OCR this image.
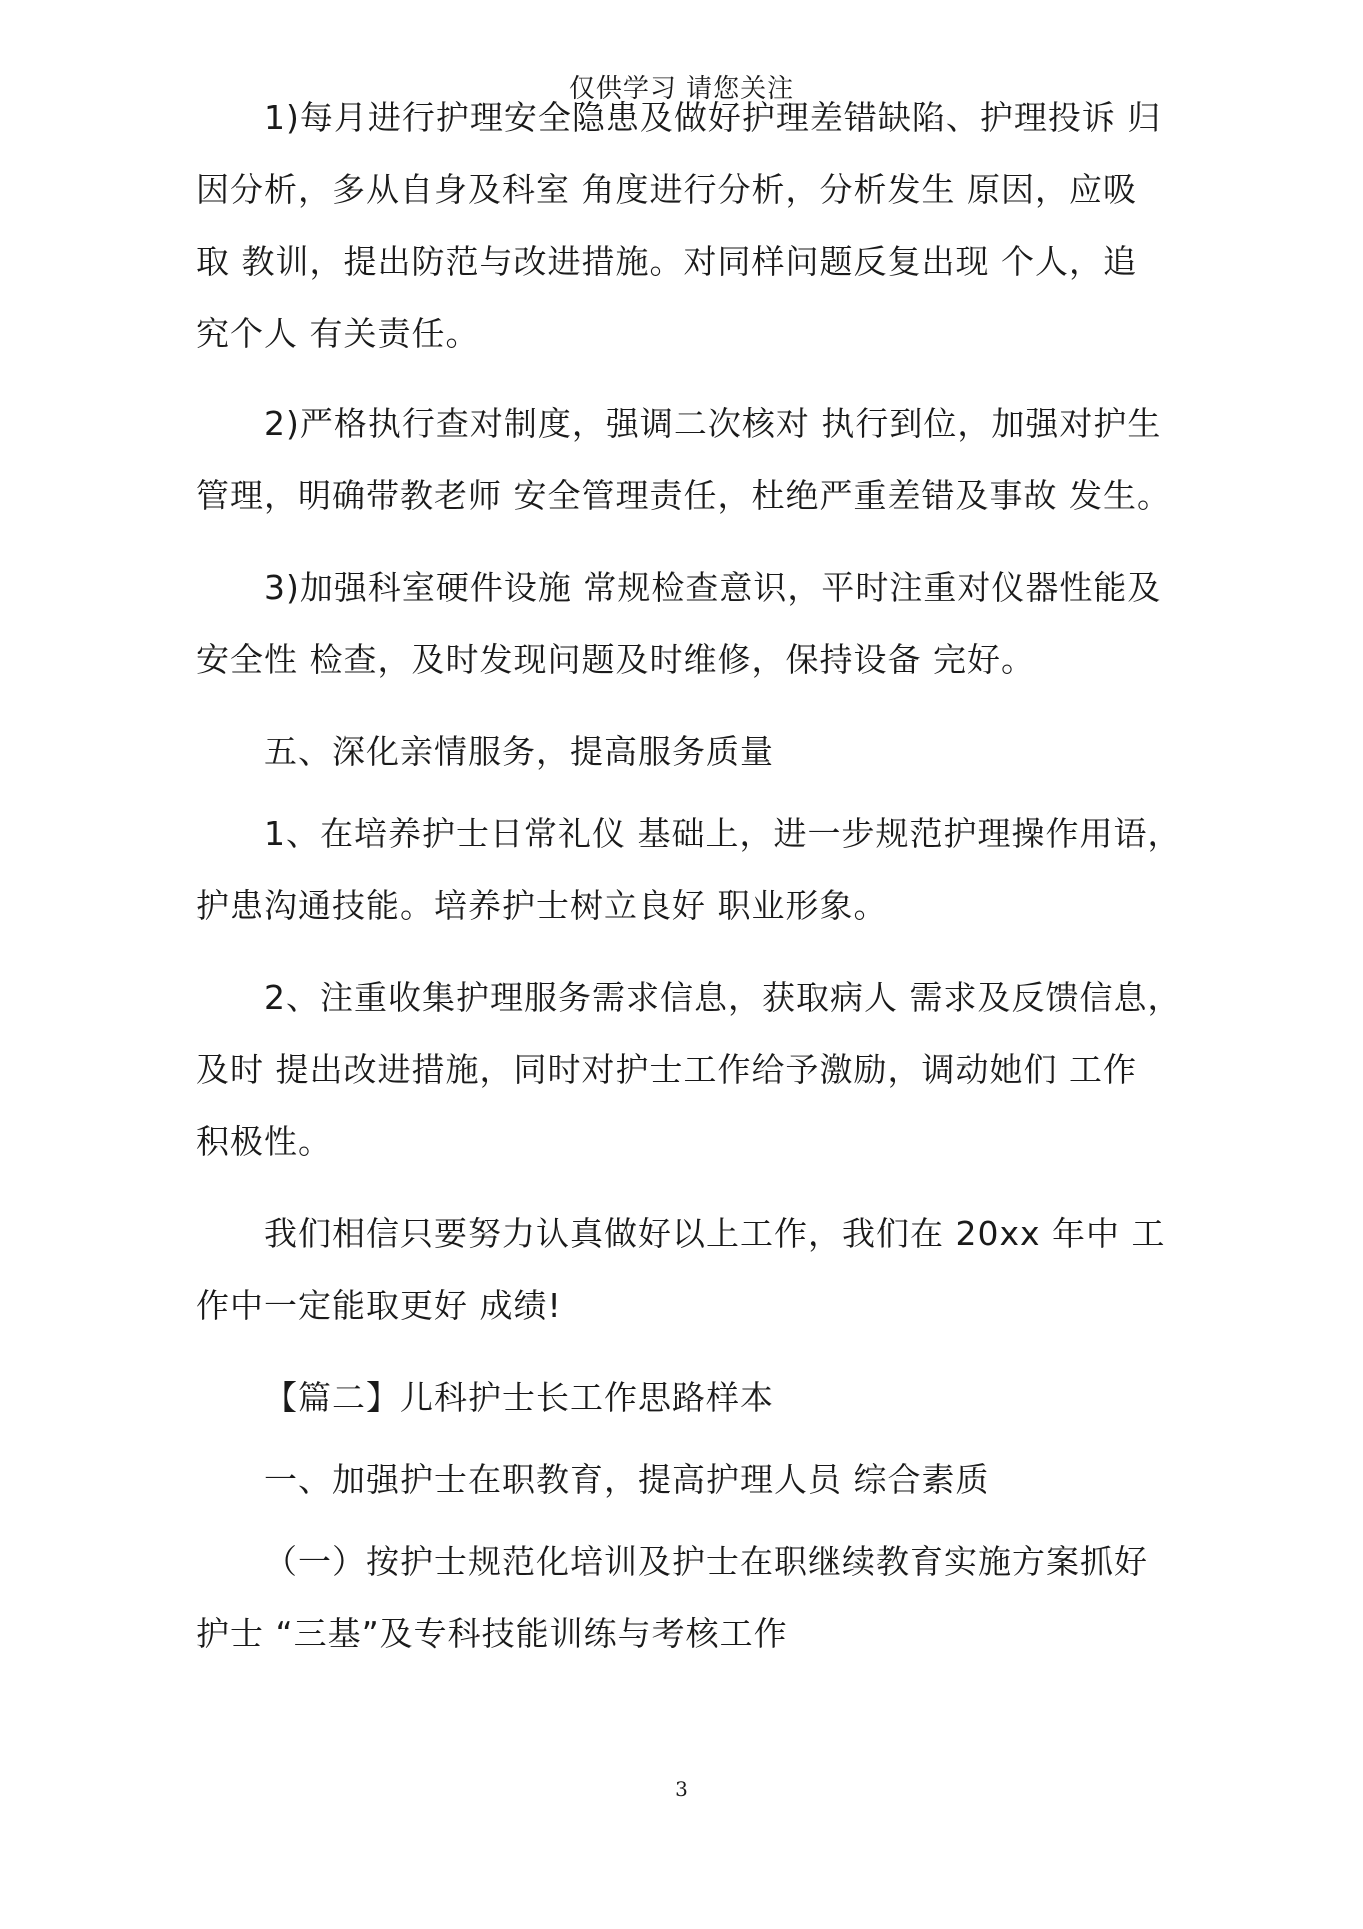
仅供学习 请您关注
1)每月进行护理安全隐患及做好护理差错缺陷、护理投诉 归
因分析，多从自身及科室 角度进行分析，分析发生 原因，应吸
取 教训，提出防范与改进措施。对同样问题反复出现 个人，追
究个人 有关责任。
2)严格执行查对制度，强调二次核对 执行到位，加强对护生
管理，明确带教老师 安全管理责任，杜绝严重差错及事故 发生。
3)加强科室硬件设施 常规检查意识，平时注重对仪器性能及
安全性 检查，及时发现问题及时维修，保持设备 完好。
五、深化亲情服务，提高服务质量
1、在培养护士日常礼仪 基础上，进一步规范护理操作用语，
护患沟通技能。培养护士树立良好 职业形象。
2、注重收集护理服务需求信息，获取病人 需求及反馈信息，
及时 提出改进措施，同时对护士工作给予激励，调动她们 工作
积极性。
我们相信只要努力认真做好以上工作，我们在 20xx 年中 工
作中一定能取更好 成绩!
【篇二】儿科护士长工作思路样本
一、加强护士在职教育，提高护理人员 综合素质
（一）按护士规范化培训及护士在职继续教育实施方案抓好
护士 “三基”及专科技能训练与考核工作
3
